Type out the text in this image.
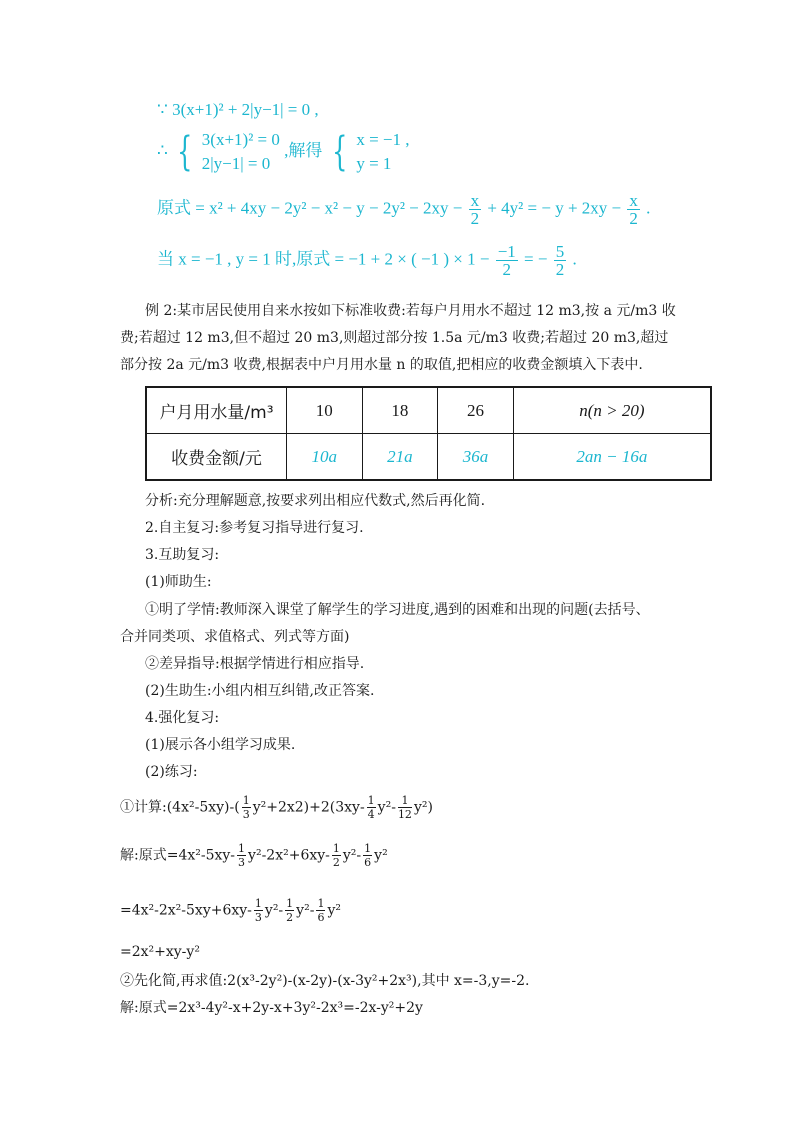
∵ 3(x+1)² + 2|y−1| = 0 ,
∴ { 3(x+1)² = 0
2|y−1| = 0
,解得 { x = −1 ,
y = 1
原式 = $x^2 + 4xy - 2y^2 - x^2 - y - 2y^2 - 2xy - \frac{x}{2} + 4y^2$ = − $y + 2xy - \frac{x}{2}$ .
当 x = −1 , y = 1 时,原式 = −1 + 2 × ( −1 ) × $1 - \frac{-1}{2}$ = − $\frac{5}{2}$ .
例 2:某市居民使用自来水按如下标准收费:若每户月用水不超过 12 m3,按 a 元/m3 收
费;若超过 12 m3,但不超过 20 m3,则超过部分按 1.5a 元/m3 收费;若超过 20 m3,超过
部分按 2a 元/m3 收费,根据表中户月用水量 n 的取值,把相应的收费金额填入下表中.
户月用水量/m³	10	18	26	n(n > 20)
收费金额/元	10a	21a	36a	2an − 16a
分析:充分理解题意,按要求列出相应代数式,然后再化简.
2.自主复习:参考复习指导进行复习.
3.互助复习:
(1)师助生:
①明了学情:教师深入课堂了解学生的学习进度,遇到的困难和出现的问题(去括号、
合并同类项、求值格式、列式等方面)
②差异指导:根据学情进行相应指导.
(2)生助生:小组内相互纠错,改正答案.
4.强化复习:
(1)展示各小组学习成果.
(2)练习:
①计算:(4x²-5xy)-( $\frac{1}{3} y^2+2x2)+2(3xy- \frac{1}{4} y^2- \frac{1}{12} y^2)$
解:原式$=4x^2-5xy- \frac{1}{3} y^2-2x^2+6xy- \frac{1}{2} y^2- \frac{1}{6} y^2$
$=4x^2-2x^2-5xy+6xy- \frac{1}{3} y^2- \frac{1}{2} y^2- \frac{1}{6} y^2$
=2x²+xy-y²
②先化简,再求值:2(x³-2y²)-(x-2y)-(x-3y²+2x³),其中 x=-3,y=-2.
解:原式=2x³-4y²-x+2y-x+3y²-2x³=-2x-y²+2y
